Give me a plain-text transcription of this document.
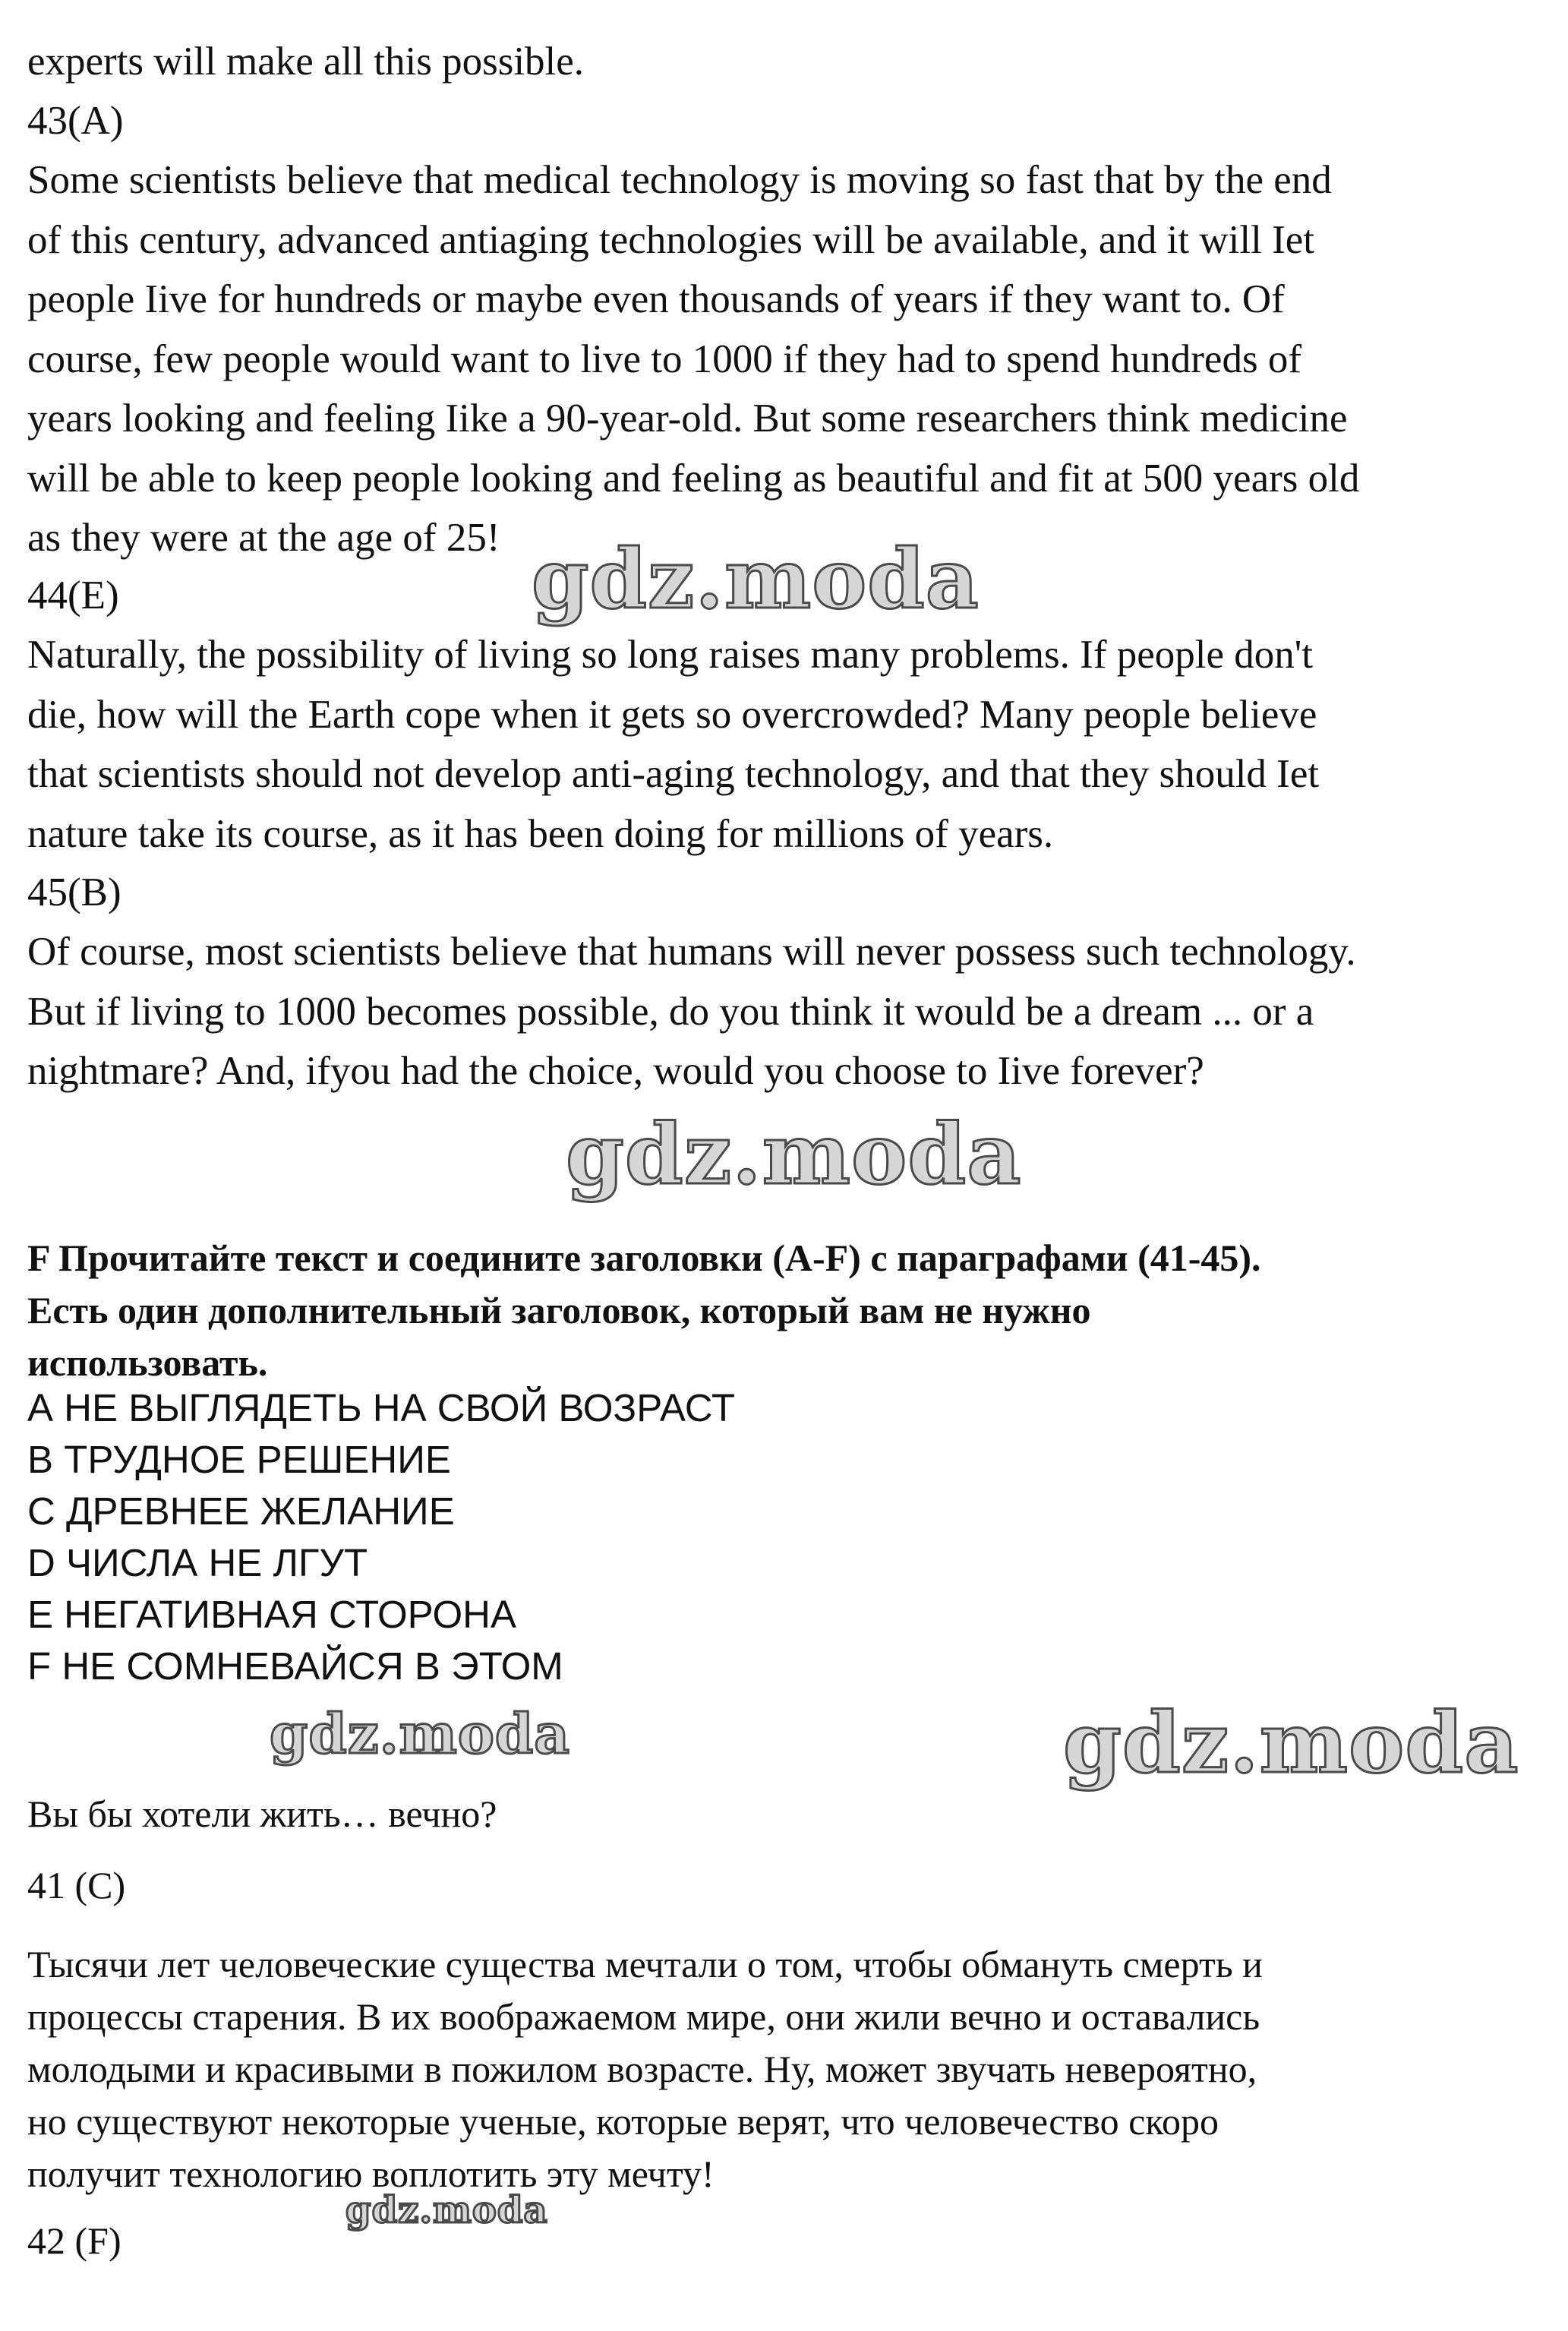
experts will make all this possible.

43(A)

Some scientists believe that medical technology is moving so fast that by the end
of this century, advanced antiaging technologies will be available, and it will Iet
people Iive for hundreds or maybe even thousands of years if they want to. Of
course, few people would want to live to 1000 if they had to spend hundreds of
years looking and feeling Iike a 90-year-old. But some researchers think medicine
will be able to keep people looking and feeling as beautiful and fit at 500 years old
as they were at the age of 25!

44(E)

Naturally, the possibility of living so long raises many problems. If people don't
die, how will the Earth cope when it gets so overcrowded? Many people believe
that scientists should not develop anti-aging technology, and that they should Iet
nature take its course, as it has been doing for millions of years.

45(B)

Of course, most scientists believe that humans will never possess such technology.
But if living to 1000 becomes possible, do you think it would be a dream ... or a
nightmare? And, ifyou had the choice, would you choose to Iive forever?
F Прочитайте текст и соедините заголовки (A-F) с параграфами (41-45).
Есть один дополнительный заголовок, который вам не нужно
использовать.
А НЕ ВЫГЛЯДЕТЬ НА СВОЙ ВОЗРАСТ
В ТРУДНОЕ РЕШЕНИЕ
С ДРЕВНЕЕ ЖЕЛАНИЕ
D ЧИСЛА НЕ ЛГУТ
Е НЕГАТИВНАЯ СТОРОНА
F НЕ СОМНЕВАЙСЯ В ЭТОМ

Вы бы хотели жить… вечно?

41 (С)

Тысячи лет человеческие существа мечтали о том, чтобы обмануть смерть и
процессы старения. В их воображаемом мире, они жили вечно и оставались
молодыми и красивыми в пожилом возрасте. Ну, может звучать невероятно,
но существуют некоторые ученые, которые верят, что человечество скоро
получит технологию воплотить эту мечту!

42 (F)

gdz.moda
gdz.moda
gdz.moda	gdz.moda
gdz.moda
